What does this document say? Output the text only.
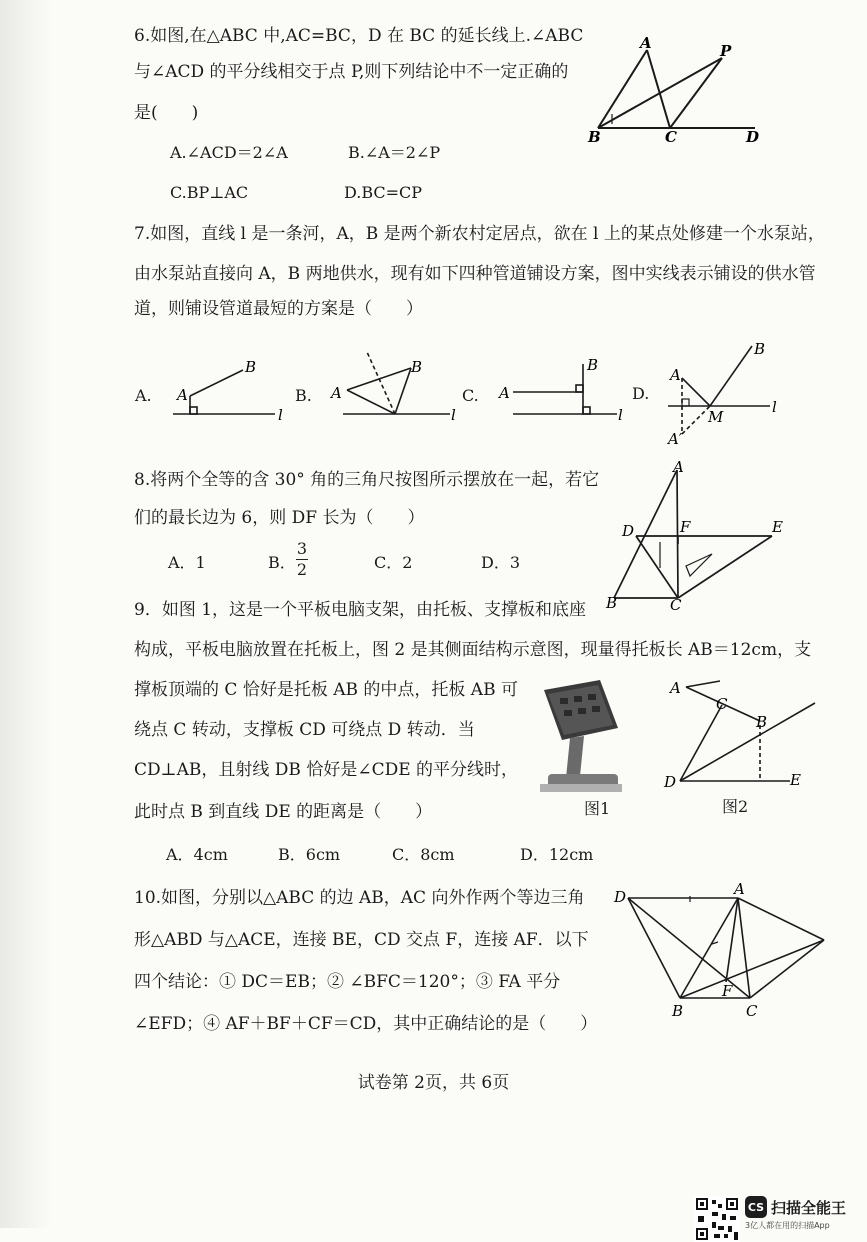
6.如图,在△ABC 中,AC=BC，D 在 BC 的延长线上.∠ABC
与∠ACD 的平分线相交于点 P,则下列结论中不一定正确的
是(　　)
A.∠ACD＝2∠A	B.∠A＝2∠P
C.BP⊥AC	D.BC=CP
A	P
B	C	D
7.如图，直线 l 是一条河，A，B 是两个新农村定居点，欲在 l 上的某点处修建一个水泵站，
由水泵站直接向 A，B 两地供水，现有如下四种管道铺设方案，图中实线表示铺设的供水管
道，则铺设管道最短的方案是（　　）
A. A
B
l
B. A
B
l
C. A
B
l
D.
A
B
l
M
A′
8.将两个全等的含 30° 角的三角尺按图所示摆放在一起，若它
们的最长边为 6，则 DF 长为（　　）
A．1	B．
3
2	C．2	D．3
A
D	F	E
B	C
9．如图 1，这是一个平板电脑支架，由托板、支撑板和底座
构成，平板电脑放置在托板上，图 2 是其侧面结构示意图，现量得托板长 AB＝12cm，支
撑板顶端的 C 恰好是托板 AB 的中点，托板 AB 可
绕点 C 转动，支撑板 CD 可绕点 D 转动．当
CD⊥AB，且射线 DB 恰好是∠CDE 的平分线时，
此时点 B 到直线 DE 的距离是（　　）
A．4cm	B．6cm	C．8cm	D．12cm
图1
A
C
B
D	E
图2
10.如图，分别以△ABC 的边 AB，AC 向外作两个等边三角
形△ABD 与△ACE，连接 BE，CD 交点 F，连接 AF．以下
四个结论：① DC＝EB；② ∠BFC＝120°；③ FA 平分
∠EFD；④ AF＋BF＋CF＝CD，其中正确结论的是（　　）
D	A
F
B	C
试卷第 2页，共 6页
CS 扫描全能王
3亿人都在用的扫描App
